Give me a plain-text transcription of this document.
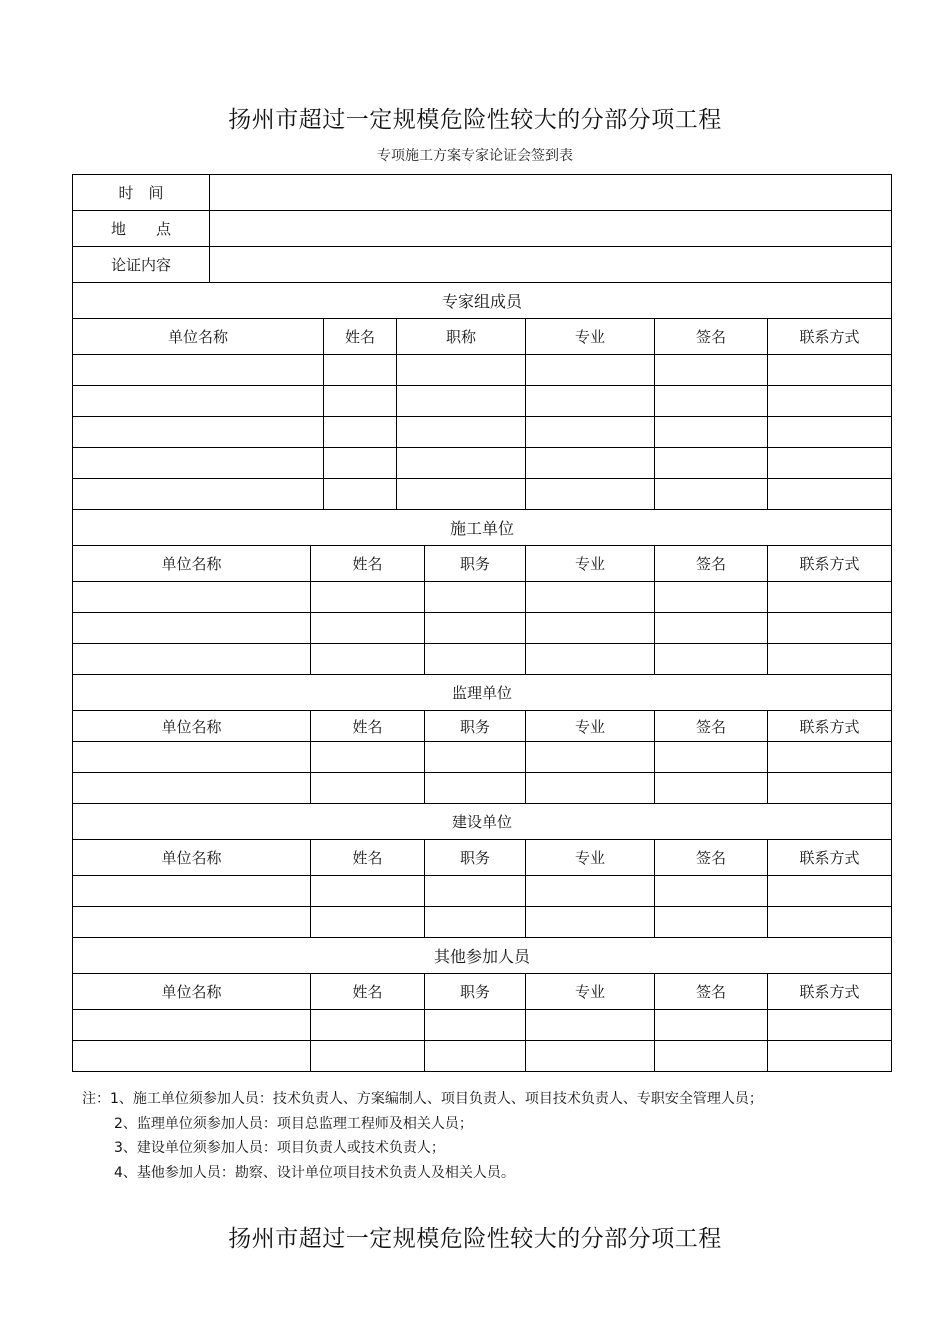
扬州市超过一定规模危险性较大的分部分项工程
专项施工方案专家论证会签到表
时　间								
地　　点								
论证内容								
专家组成员								
单位名称			姓名	职称		专业	签名	联系方式

施工单位								
单位名称		姓名			职务	专业	签名	联系方式

监理单位								
单位名称		姓名			职务	专业	签名	联系方式

建设单位								
单位名称		姓名			职务	专业	签名	联系方式

其他参加人员								
单位名称		姓名			职务	专业	签名	联系方式

注：1、施工单位须参加人员：技术负责人、方案编制人、项目负责人、项目技术负责人、专职安全管理人员；
2、监理单位须参加人员：项目总监理工程师及相关人员；
3、建设单位须参加人员：项目负责人或技术负责人；
4、基他参加人员：勘察、设计单位项目技术负责人及相关人员。
扬州市超过一定规模危险性较大的分部分项工程
